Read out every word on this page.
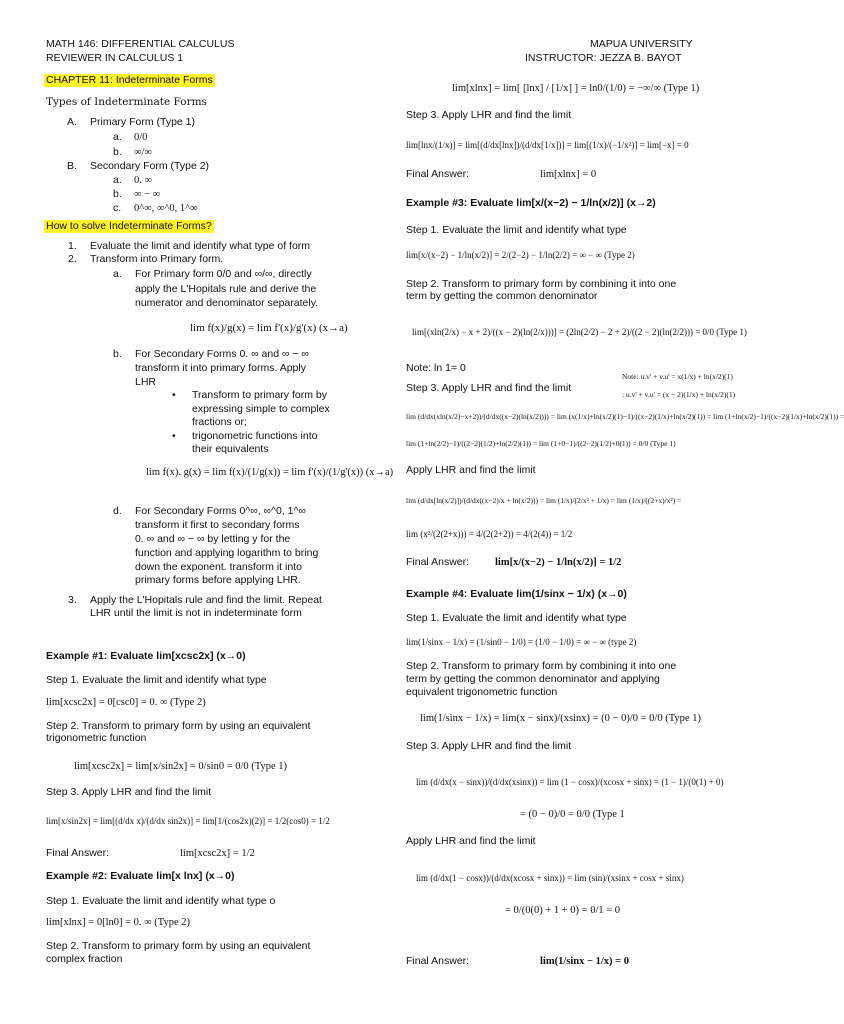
MATH 146: DIFFERENTIAL CALCULUS
REVIEWER IN CALCULUS 1
MAPUA UNIVERSITY
INSTRUCTOR: JEZZA B. BAYOT
CHAPTER 11: Indeterminate Forms
Types of Indeterminate Forms
A. Primary Form (Type 1)
a. 0/0
b. ∞/∞
B. Secondary Form (Type 2)
a. 0. ∞
b. ∞ − ∞
c. 0^∞, ∞^0, 1^∞
How to solve Indeterminate Forms?
1. Evaluate the limit and identify what type of form
2. Transform into Primary form.
a. For Primary form 0/0 and ∞/∞, directly
apply the L'Hopitals rule and derive the
numerator and denominator separately.
lim f(x)/g(x) = lim f'(x)/g'(x) (x→a)
b. For Secondary Forms 0. ∞ and ∞ − ∞
transform it into primary forms. Apply
LHR
• Transform to primary form by
expressing simple to complex
fractions or;
• trigonometric functions into
their equivalents
lim f(x). g(x) = lim f(x)/(1/g(x)) = lim f'(x)/(1/g'(x)) (x→a)
d. For Secondary Forms 0^∞, ∞^0, 1^∞
transform it first to secondary forms
0. ∞ and ∞ − ∞ by letting y for the
function and applying logarithm to bring
down the exponent. transform it into
primary forms before applying LHR.
3. Apply the L'Hopitals rule and find the limit. Repeat
LHR until the limit is not in indeterminate form
Example #1: Evaluate lim[xcsc2x] (x→0)
Step 1. Evaluate the limit and identify what type
lim[xcsc2x] = 0[csc0] = 0. ∞ (Type 2)
Step 2. Transform to primary form by using an equivalent
trigonometric function
lim[xcsc2x] = lim[x/sin2x] = 0/sin0 = 0/0 (Type 1)
Step 3. Apply LHR and find the limit
lim[x/sin2x] = lim[(d/dx x)/(d/dx sin2x)] = lim[1/(cos2x)(2)] = 1/2(cos0) = 1/2
Final Answer:	lim[xcsc2x] = 1/2
Example #2: Evaluate lim[x lnx] (x→0)
Step 1. Evaluate the limit and identify what type o
lim[xlnx] = 0[ln0] = 0. ∞ (Type 2)
Step 2. Transform to primary form by using an equivalent
complex fraction
lim[xlnx] = lim[ [lnx] / [1/x] ] = ln0/(1/0) = −∞/∞ (Type 1)
Step 3. Apply LHR and find the limit
lim[lnx/(1/x)] = lim[(d/dx[lnx])/(d/dx[1/x])] = lim[(1/x)/(−1/x²)] = lim[−x] = 0
Final Answer:	lim[xlnx] = 0
Example #3: Evaluate lim[x/(x−2) − 1/ln(x/2)] (x→2)
Step 1. Evaluate the limit and identify what type
lim[x/(x−2) − 1/ln(x/2)] = 2/(2−2) − 1/ln(2/2) = ∞ − ∞ (Type 2)
Step 2. Transform to primary form by combining it into one
term by getting the common denominator
lim[(xln(2/x) − x + 2)/((x − 2)(ln(2/x)))] = (2ln(2/2) − 2 + 2)/((2 − 2)(ln(2/2))) = 0/0 (Type 1)
Note: ln 1= 0
Note: u.v' + v.u' = x(1/x) + ln(x/2)(1)
: u.v' + v.u' = (x − 2)(1/x) + ln(x/2)(1)
Step 3. Apply LHR and find the limit
lim (d/dx(xln(x/2)−x+2))/(d/dx((x−2)(ln(x/2)))) = lim (x(1/x)+ln(x/2)(1)−1)/((x−2)(1/x)+ln(x/2)(1)) = lim (1+ln(x/2)−1)/((x−2)(1/x)+ln(x/2)(1)) =
lim (1+ln(2/2)−1)/((2−2)(1/2)+ln(2/2)(1)) = lim (1+0−1)/((2−2)(1/2)+0(1)) = 0/0 (Type 1)
Apply LHR and find the limit
lim (d/dx[ln(x/2)])/(d/dx((x−2)/x + ln(x/2))) = lim (1/x)/(2/x² + 1/x) = lim (1/x)/((2+x)/x²) =
lim (x²/(2(2+x))) = 4/(2(2+2)) = 4/(2(4)) = 1/2
Final Answer: lim[x/(x−2) − 1/ln(x/2)] = 1/2
Example #4: Evaluate lim(1/sinx − 1/x) (x→0)
Step 1. Evaluate the limit and identify what type
lim(1/sinx − 1/x) = (1/sin0 − 1/0) = (1/0 − 1/0) = ∞ − ∞ (type 2)
Step 2. Transform to primary form by combining it into one
term by getting the common denominator and applying
equivalent trigonometric function
lim(1/sinx − 1/x) = lim(x − sinx)/(xsinx) = (0 − 0)/0 = 0/0 (Type 1)
Step 3. Apply LHR and find the limit
lim (d/dx(x − sinx))/(d/dx(xsinx)) = lim (1 − cosx)/(xcosx + sinx) = (1 − 1)/(0(1) + 0)
= (0 − 0)/0 = 0/0 (Type 1
Apply LHR and find the limit
lim (d/dx(1 − cosx))/(d/dx(xcosx + sinx)) = lim (sin)/(xsinx + cosx + sinx)
= 0/(0(0) + 1 + 0) = 0/1 = 0
Final Answer:	lim(1/sinx − 1/x) = 0
